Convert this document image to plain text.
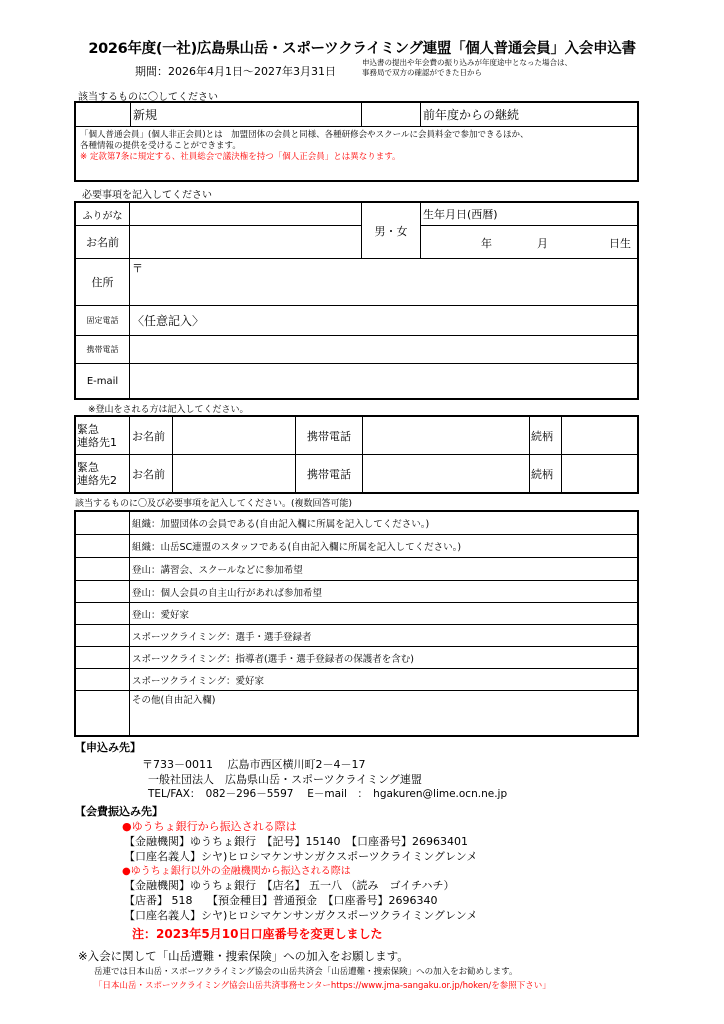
2026年度(一社)広島県山岳・スポーツクライミング連盟「個人普通会員」入会申込書
期間：2026年4月1日～2027年3月31日
申込書の提出や年会費の振り込みが年度途中となった場合は、
事務局で双方の確認ができた日から
該当するものに〇してください
	新規		前年度からの継続

「個人普通会員」(個人非正会員)とは　加盟団体の会員と同様、各種研修会やスクールに会員料金で参加できるほか、
各種情報の提供を受けることができます。
※ 定款第7条に規定する、社員総会で議決権を持つ「個人正会員」とは異なります。
必要事項を記入してください
ふりがな		男・女	生年月日(西暦)
お名前			年 月 日生

住所	〒		
固定電話	〈任意記入〉		
携帯電話			
E-mail			
※登山をされる方は記入してください。
緊急
連絡先1	お名前		携帯電話		続柄	

緊急
連絡先2	お名前		携帯電話		続柄	
該当するものに〇及び必要事項を記入してください。(複数回答可能)
	組織：加盟団体の会員である(自由記入欄に所属を記入してください。)
	組織：山岳SC連盟のスタッフである(自由記入欄に所属を記入してください。)
	登山：講習会、スクールなどに参加希望
	登山：個人会員の自主山行があれば参加希望
	登山：愛好家
	スポーツクライミング：選手・選手登録者
	スポーツクライミング：指導者(選手・選手登録者の保護者を含む)
	スポーツクライミング：愛好家
	その他(自由記入欄)
【申込み先】
〒733－0011　 広島市西区横川町2－4－17
一般社団法人　広島県山岳・スポーツクライミング連盟
TEL/FAX：　082－296－5597　 E－mail　：　hgakuren@lime.ocn.ne.jp
【会費振込み先】
●ゆうちょ銀行から振込される際は
【金融機関】ゆうちょ銀行　【記号】15140　【口座番号】26963401
【口座名義人】シヤ)ヒロシマケンサンガクスポーツクライミングレンメ
●ゆうちょ銀行以外の金融機関から振込される際は
【金融機関】ゆうちょ銀行　【店名】 五一八 （読み　ゴイチハチ）
【店番】 518　 【預金種目】普通預金　【口座番号】2696340
【口座名義人】シヤ)ヒロシマケンサンガクスポーツクライミングレンメ
注：2023年5月10日口座番号を変更しました
※入会に関して「山岳遭難・捜索保険」への加入をお願します。
岳連では日本山岳・スポーツクライミング協会の山岳共済会「山岳遭難・捜索保険」への加入をお勧めします。
「日本山岳・スポーツクライミング協会山岳共済事務センターhttps://www.jma-sangaku.or.jp/hoken/を参照下さい」
